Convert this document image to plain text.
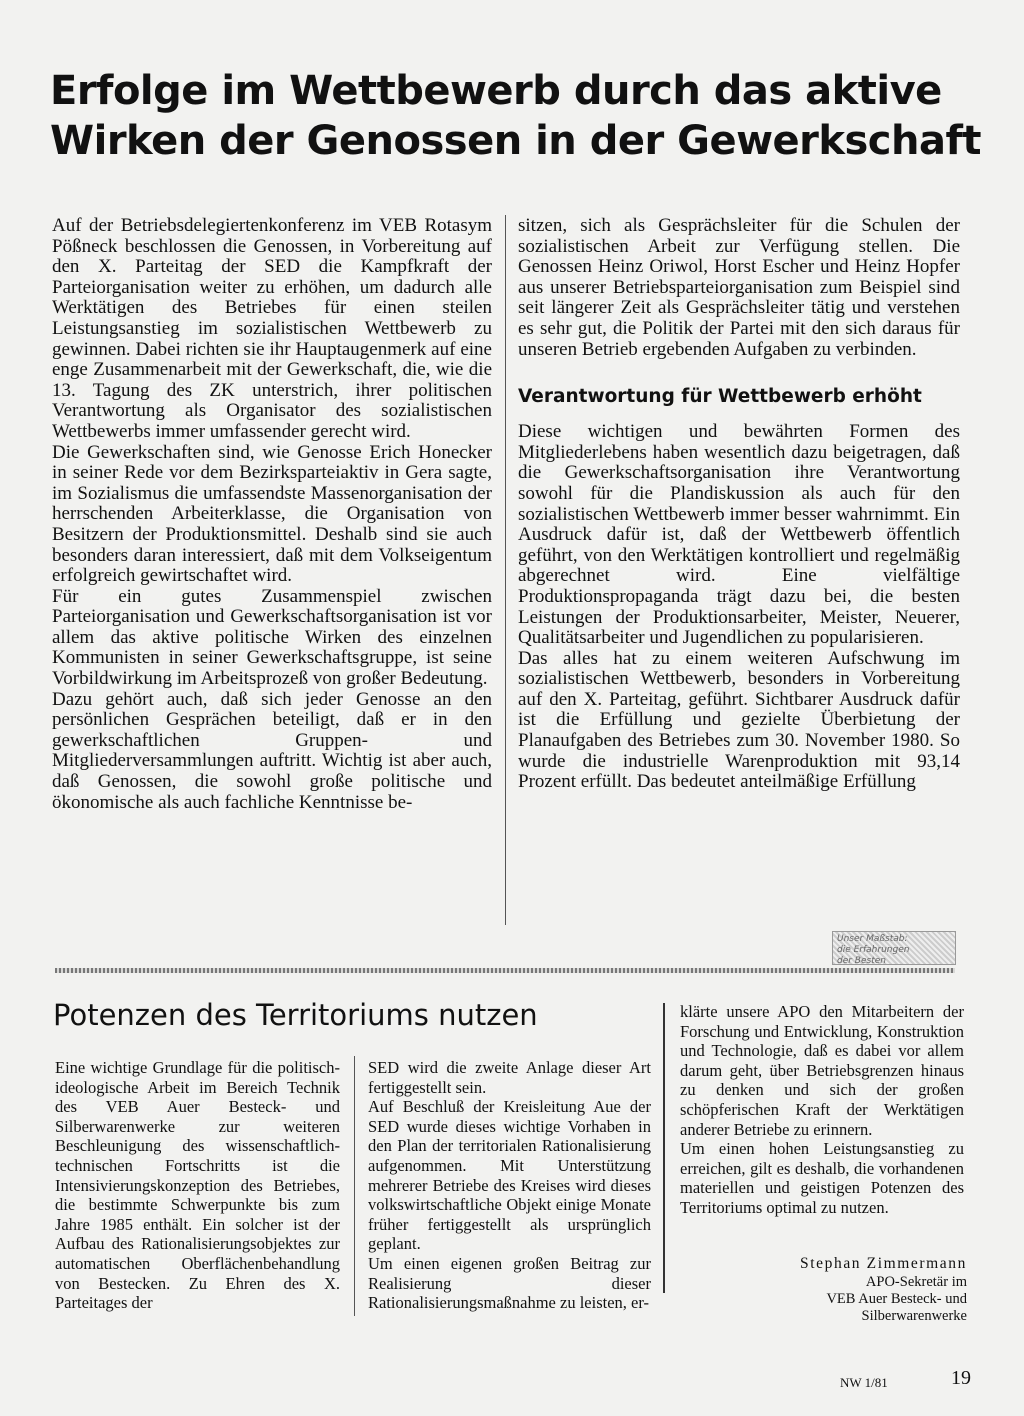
Erfolge im Wettbewerb durch das aktive
Wirken der Genossen in der Gewerkschaft

Auf der Betriebsdelegiertenkonferenz im VEB Rotasym Pößneck beschlossen die Genossen, in Vorbereitung auf den X. Parteitag der SED die Kampfkraft der Parteiorganisation weiter zu erhöhen, um dadurch alle Werktätigen des Betriebes für einen steilen Leistungsanstieg im sozialistischen Wettbewerb zu gewinnen. Dabei richten sie ihr Hauptaugenmerk auf eine enge Zusammenarbeit mit der Gewerkschaft, die, wie die 13. Tagung des ZK unterstrich, ihrer politischen Verantwortung als Organisator des sozialistischen Wettbewerbs immer umfassender gerecht wird.

Die Gewerkschaften sind, wie Genosse Erich Honecker in seiner Rede vor dem Bezirksparteiaktiv in Gera sagte, im Sozialismus die umfassendste Massenorganisation der herrschenden Arbeiterklasse, die Organisation von Besitzern der Produktionsmittel. Deshalb sind sie auch besonders daran interessiert, daß mit dem Volkseigentum erfolgreich gewirtschaftet wird.

Für ein gutes Zusammenspiel zwischen Parteiorganisation und Gewerkschaftsorganisation ist vor allem das aktive politische Wirken des einzelnen Kommunisten in seiner Gewerkschaftsgruppe, ist seine Vorbildwirkung im Arbeitsprozeß von großer Bedeutung.

Dazu gehört auch, daß sich jeder Genosse an den persönlichen Gesprächen beteiligt, daß er in den gewerkschaftlichen Gruppen- und Mitgliederversammlungen auftritt. Wichtig ist aber auch, daß Genossen, die sowohl große politische und ökonomische als auch fachliche Kenntnisse be-

sitzen, sich als Gesprächsleiter für die Schulen der sozialistischen Arbeit zur Verfügung stellen. Die Genossen Heinz Oriwol, Horst Escher und Heinz Hopfer aus unserer Betriebsparteiorganisation zum Beispiel sind seit längerer Zeit als Gesprächsleiter tätig und verstehen es sehr gut, die Politik der Partei mit den sich daraus für unseren Betrieb ergebenden Aufgaben zu verbinden.

Verantwortung für Wettbewerb erhöht

Diese wichtigen und bewährten Formen des Mitgliederlebens haben wesentlich dazu beigetragen, daß die Gewerkschaftsorganisation ihre Verantwortung sowohl für die Plandiskussion als auch für den sozialistischen Wettbewerb immer besser wahrnimmt. Ein Ausdruck dafür ist, daß der Wettbewerb öffentlich geführt, von den Werktätigen kontrolliert und regelmäßig abgerechnet wird. Eine vielfältige Produktionspropaganda trägt dazu bei, die besten Leistungen der Produktionsarbeiter, Meister, Neuerer, Qualitätsarbeiter und Jugendlichen zu popularisieren.

Das alles hat zu einem weiteren Aufschwung im sozialistischen Wettbewerb, besonders in Vorbereitung auf den X. Parteitag, geführt. Sichtbarer Ausdruck dafür ist die Erfüllung und gezielte Überbietung der Planaufgaben des Betriebes zum 30. November 1980. So wurde die industrielle Warenproduktion mit 93,14 Prozent erfüllt. Das bedeutet anteilmäßige Erfüllung

Unser Maßstab:
die Erfahrungen
der Besten
Potenzen des Territoriums nutzen

Eine wichtige Grundlage für die politisch-ideologische Arbeit im Bereich Technik des VEB Auer Besteck- und Silberwarenwerke zur weiteren Beschleunigung des wissenschaftlich-technischen Fortschritts ist die Intensivierungskonzeption des Betriebes, die bestimmte Schwerpunkte bis zum Jahre 1985 enthält. Ein solcher ist der Aufbau des Rationalisierungsobjektes zur automatischen Oberflächenbehandlung von Bestecken. Zu Ehren des X. Parteitages der

SED wird die zweite Anlage dieser Art fertiggestellt sein.

Auf Beschluß der Kreisleitung Aue der SED wurde dieses wichtige Vorhaben in den Plan der territorialen Rationalisierung aufgenommen. Mit Unterstützung mehrerer Betriebe des Kreises wird dieses volkswirtschaftliche Objekt einige Monate früher fertiggestellt als ursprünglich geplant.

Um einen eigenen großen Beitrag zur Realisierung dieser Rationalisierungsmaßnahme zu leisten, er-

klärte unsere APO den Mitarbeitern der Forschung und Entwicklung, Konstruktion und Technologie, daß es dabei vor allem darum geht, über Betriebsgrenzen hinaus zu denken und sich der großen schöpferischen Kraft der Werktätigen anderer Betriebe zu erinnern.

Um einen hohen Leistungsanstieg zu erreichen, gilt es deshalb, die vorhandenen materiellen und geistigen Potenzen des Territoriums optimal zu nutzen.

Stephan Zimmermann
APO-Sekretär im
VEB Auer Besteck- und
Silberwarenwerke
NW 1/81	19
